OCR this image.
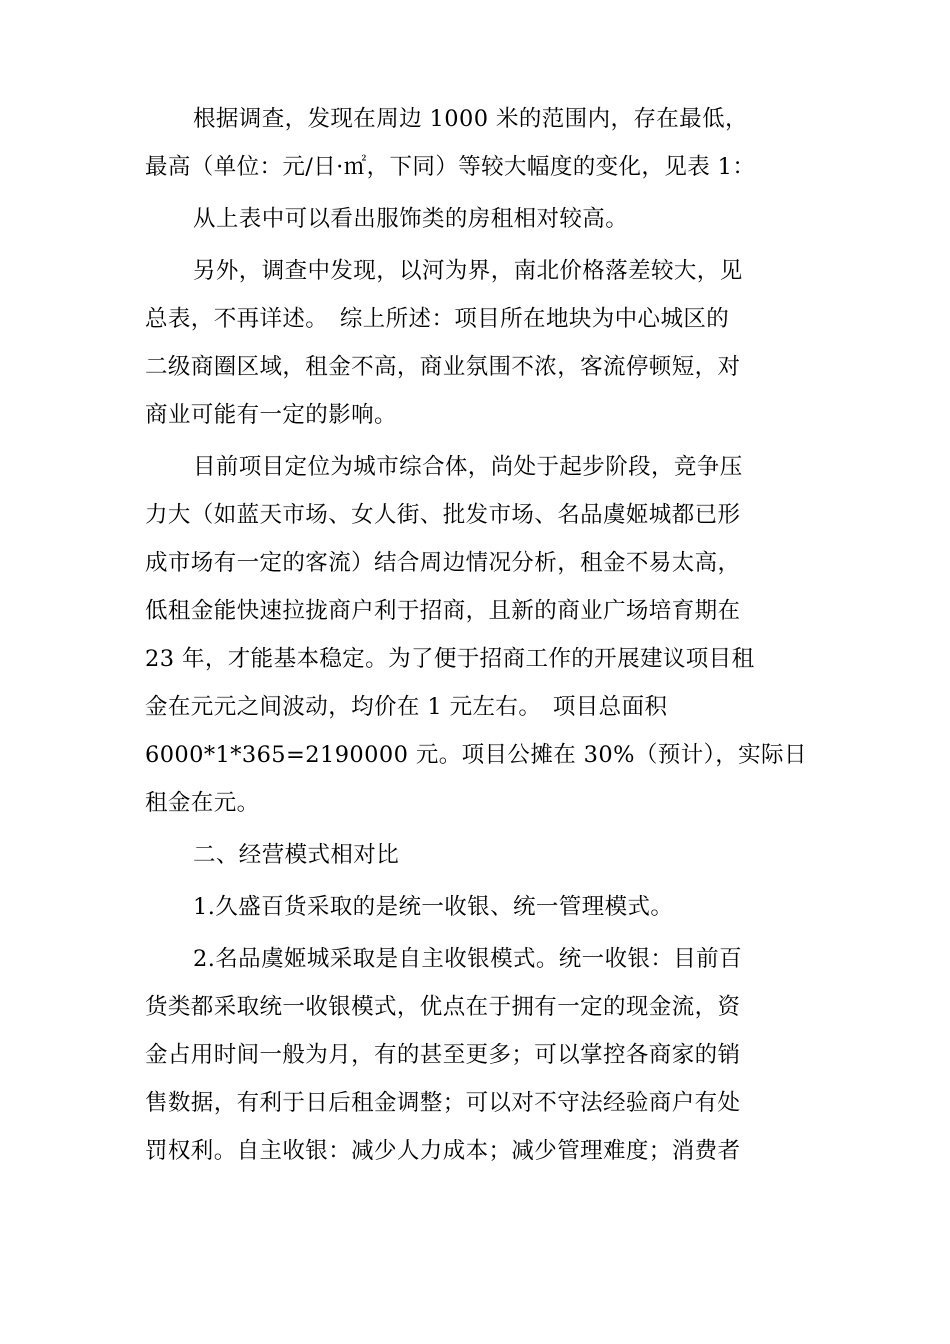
根据调查，发现在周边 1000 米的范围内，存在最低，
最高（单位：元/日·㎡，下同）等较大幅度的变化，见表 1：
从上表中可以看出服饰类的房租相对较高。
另外，调查中发现，以河为界，南北价格落差较大，见
总表，不再详述。　综上所述：项目所在地块为中心城区的
二级商圈区域，租金不高，商业氛围不浓，客流停顿短，对
商业可能有一定的影响。
目前项目定位为城市综合体，尚处于起步阶段，竞争压
力大（如蓝天市场、女人街、批发市场、名品虞姬城都已形
成市场有一定的客流）结合周边情况分析，租金不易太高，
低租金能快速拉拢商户利于招商，且新的商业广场培育期在
23 年，才能基本稳定。为了便于招商工作的开展建议项目租
金在元元之间波动，均价在 1 元左右。　项目总面积
6000*1*365=2190000 元。项目公摊在 30%（预计），实际日
租金在元。
二、经营模式相对比
1.久盛百货采取的是统一收银、统一管理模式。
2.名品虞姬城采取是自主收银模式。统一收银：目前百
货类都采取统一收银模式，优点在于拥有一定的现金流，资
金占用时间一般为月，有的甚至更多；可以掌控各商家的销
售数据，有利于日后租金调整；可以对不守法经验商户有处
罚权利。自主收银：减少人力成本；减少管理难度；消费者
